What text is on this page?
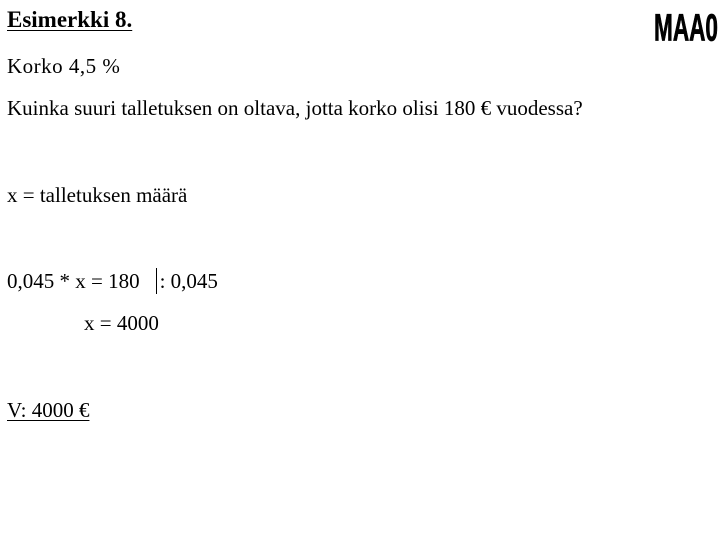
Esimerkki 8.	MAA0
Korko 4,5 %
Kuinka suuri talletuksen on oltava, jotta korko olisi 180 € vuodessa?
x = talletuksen määrä
0,045 * x = 180 : 0,045
x = 4000
V: 4000 €
